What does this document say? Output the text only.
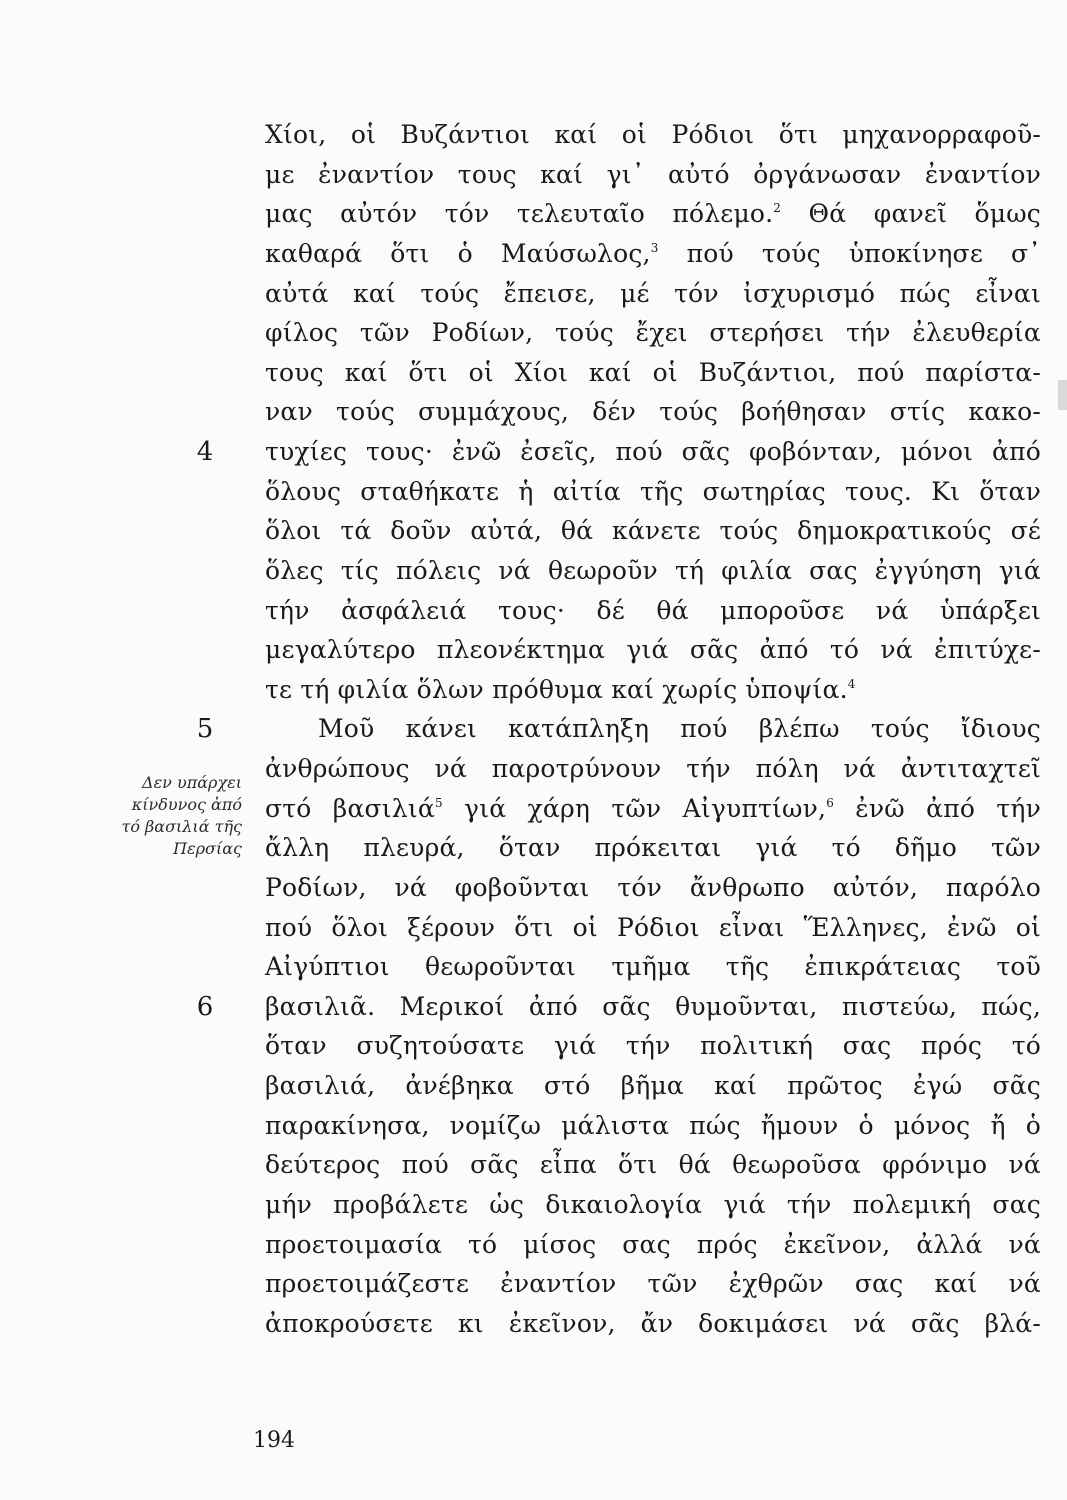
Χίοι, οἱ Βυζάντιοι καί οἱ Ρόδιοι ὅτι μηχανορραφοῦ-
με ἐναντίον τους καί γι᾽ αὐτό ὀργάνωσαν ἐναντίον
μας αὐτόν τόν τελευταῖο πόλεμο.$^2$ Θά φανεῖ ὅμως
καθαρά ὅτι ὁ Μαύσωλος,$^3$ πού τούς ὑποκίνησε σ᾽
αὐτά καί τούς ἔπεισε, μέ τόν ἰσχυρισμό πώς εἶναι
φίλος τῶν Ροδίων, τούς ἔχει στερήσει τήν ἐλευθερία
τους καί ὅτι οἱ Χίοι καί οἱ Βυζάντιοι, πού παρίστα-
ναν τούς συμμάχους, δέν τούς βοήθησαν στίς κακο-
τυχίες τους· ἐνῶ ἐσεῖς, πού σᾶς φοβόνταν, μόνοι ἀπό
ὅλους σταθήκατε ἡ αἰτία τῆς σωτηρίας τους. Κι ὅταν
ὅλοι τά δοῦν αὐτά, θά κάνετε τούς δημοκρατικούς σέ
ὅλες τίς πόλεις νά θεωροῦν τή φιλία σας ἐγγύηση γιά
τήν ἀσφάλειά τους· δέ θά μποροῦσε νά ὑπάρξει
μεγαλύτερο πλεονέκτημα γιά σᾶς ἀπό τό νά ἐπιτύχε-
τε τή φιλία ὅλων πρόθυμα καί χωρίς ὑποψία.$^4$
Μοῦ κάνει κατάπληξη πού βλέπω τούς ἴδιους
ἀνθρώπους νά παροτρύνουν τήν πόλη νά ἀντιταχτεῖ
στό βασιλιά$^5$ γιά χάρη τῶν Αἰγυπτίων,$^6$ ἐνῶ ἀπό τήν
ἄλλη πλευρά, ὅταν πρόκειται γιά τό δῆμο τῶν
Ροδίων, νά φοβοῦνται τόν ἄνθρωπο αὐτόν, παρόλο
πού ὅλοι ξέρουν ὅτι οἱ Ρόδιοι εἶναι Ἕλληνες, ἐνῶ οἱ
Αἰγύπτιοι θεωροῦνται τμῆμα τῆς ἐπικράτειας τοῦ
βασιλιᾶ. Μερικοί ἀπό σᾶς θυμοῦνται, πιστεύω, πώς,
ὅταν συζητούσατε γιά τήν πολιτική σας πρός τό
βασιλιά, ἀνέβηκα στό βῆμα καί πρῶτος ἐγώ σᾶς
παρακίνησα, νομίζω μάλιστα πώς ἤμουν ὁ μόνος ἤ ὁ
δεύτερος πού σᾶς εἶπα ὅτι θά θεωροῦσα φρόνιμο νά
μήν προβάλετε ὡς δικαιολογία γιά τήν πολεμική σας
προετοιμασία τό μίσος σας πρός ἐκεῖνον, ἀλλά νά
προετοιμάζεστε ἐναντίον τῶν ἐχθρῶν σας καί νά
ἀποκρούσετε κι ἐκεῖνον, ἄν δοκιμάσει νά σᾶς βλά-
4
5
6
Δεν υπάρχει
κίνδυνος ἀπό
τό βασιλιά τῆς
Περσίας
194
